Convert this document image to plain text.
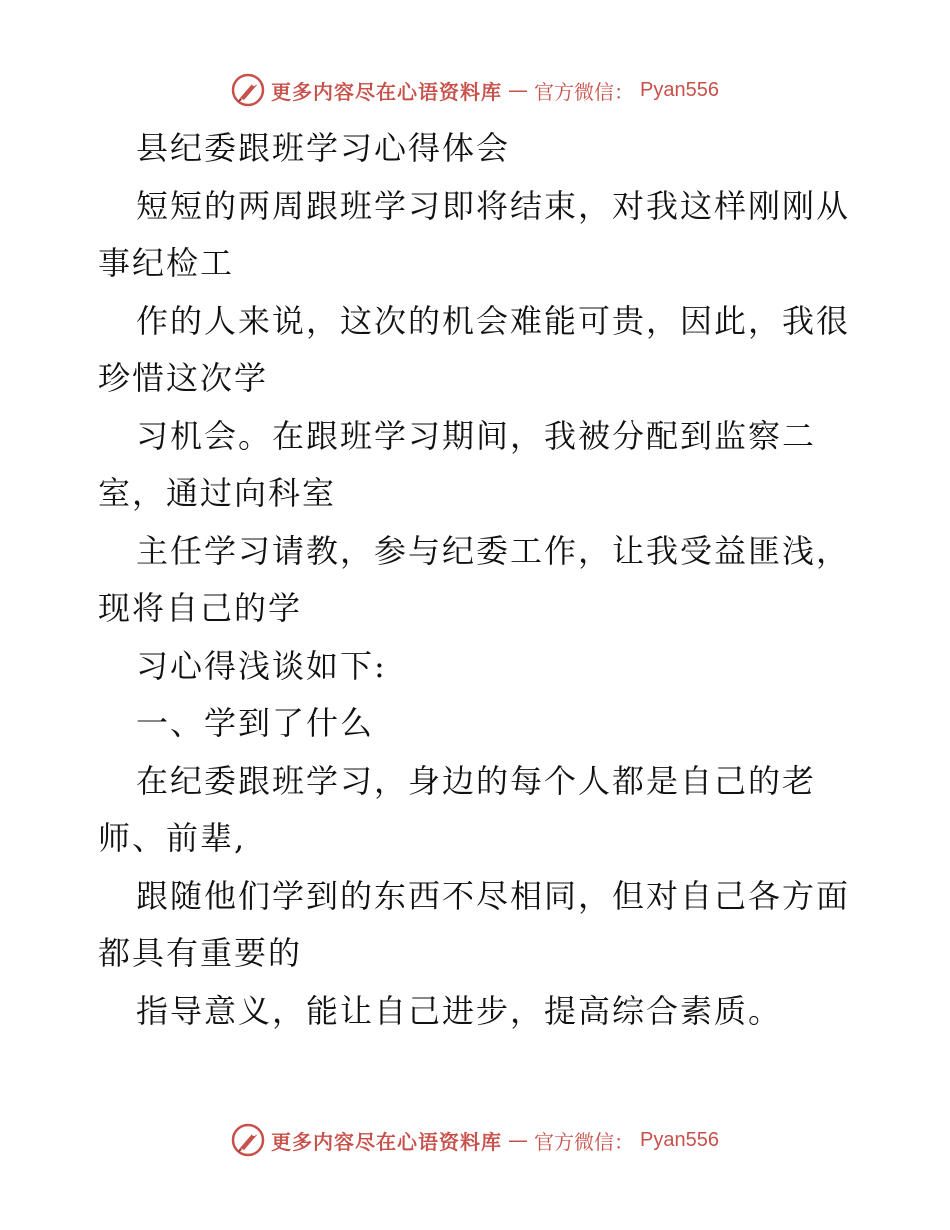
更多内容尽在心语资料库 — 官方微信： Pyan556
县纪委跟班学习心得体会
短短的两周跟班学习即将结束，对我这样刚刚从
事纪检工
作的人来说，这次的机会难能可贵，因此，我很
珍惜这次学
习机会。在跟班学习期间，我被分配到监察二
室，通过向科室
主任学习请教，参与纪委工作，让我受益匪浅，
现将自己的学
习心得浅谈如下:
一、学到了什么
在纪委跟班学习，身边的每个人都是自己的老
师、前辈,
跟随他们学到的东西不尽相同，但对自己各方面
都具有重要的
指导意义，能让自己进步，提高综合素质。
更多内容尽在心语资料库 — 官方微信： Pyan556
